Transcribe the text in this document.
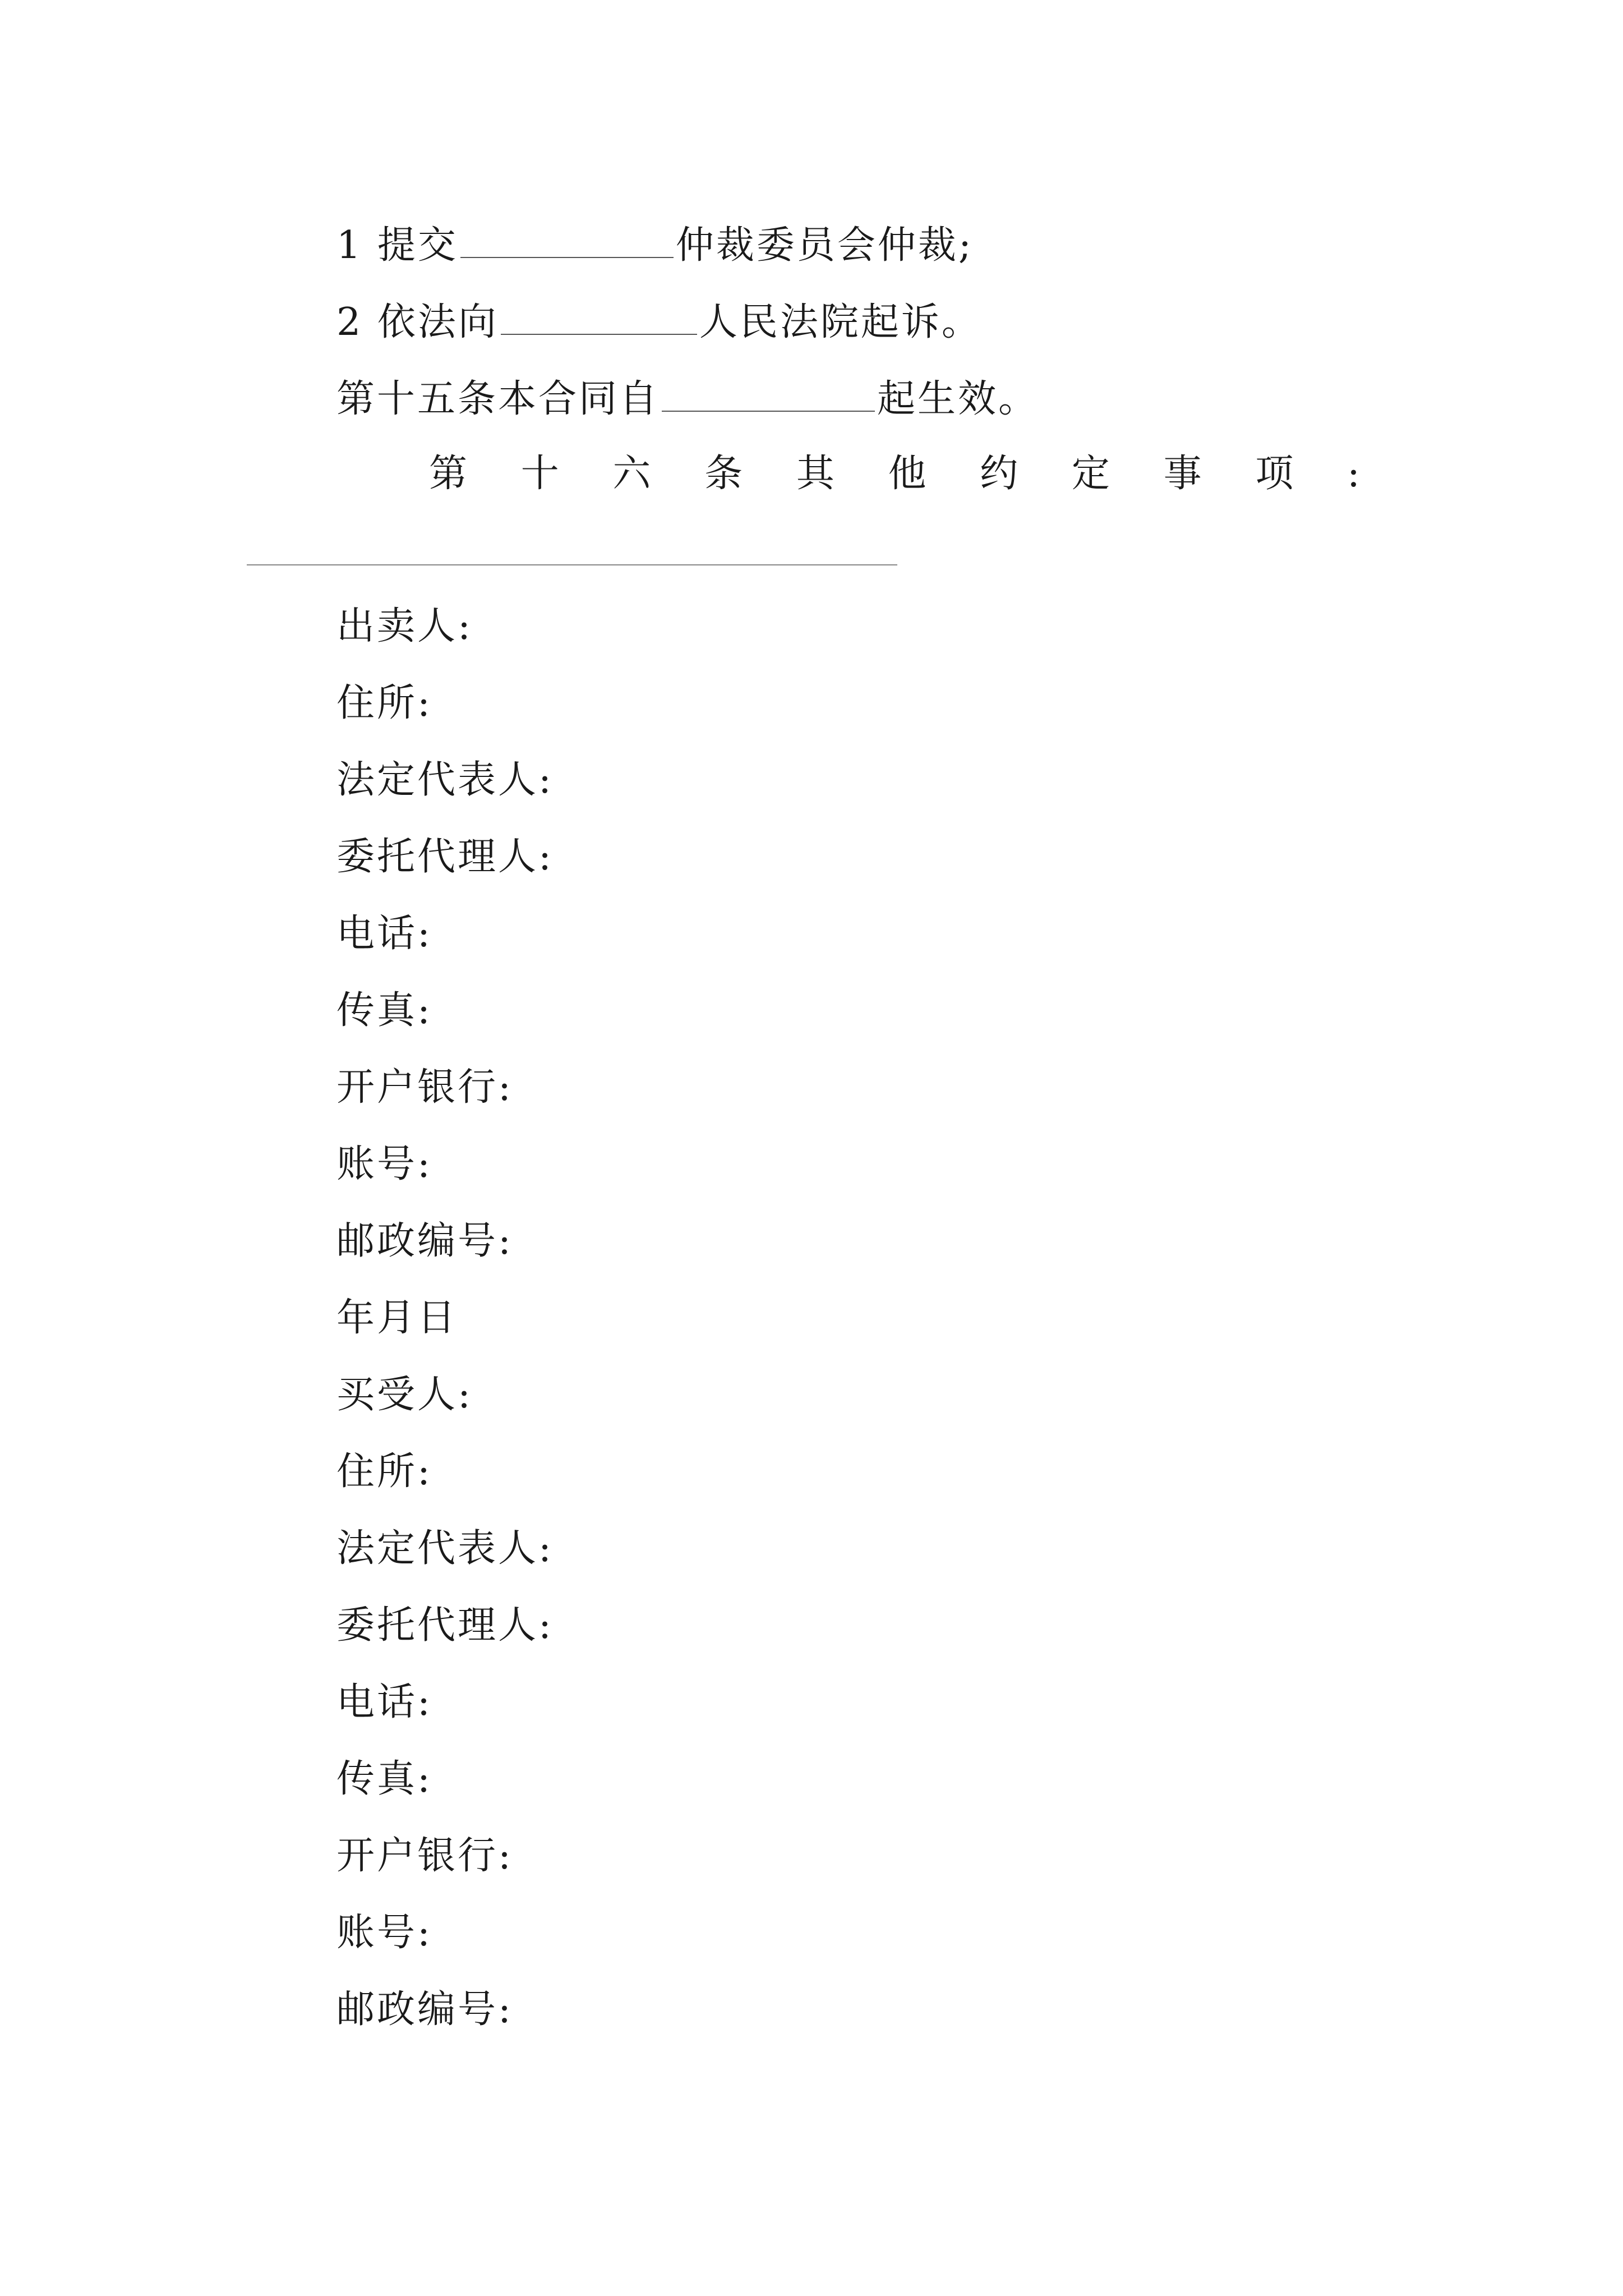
1 提交	仲裁委员会仲裁;
2 依法向	人民法院起诉。
第十五条本合同自	起生效。
第 十 六 条 其 他 约 定 事 项 :
出卖人:
住所:
法定代表人:
委托代理人:
电话:
传真:
开户银行:
账号:
邮政编号:
年月日
买受人:
住所:
法定代表人:
委托代理人:
电话:
传真:
开户银行:
账号:
邮政编号:
